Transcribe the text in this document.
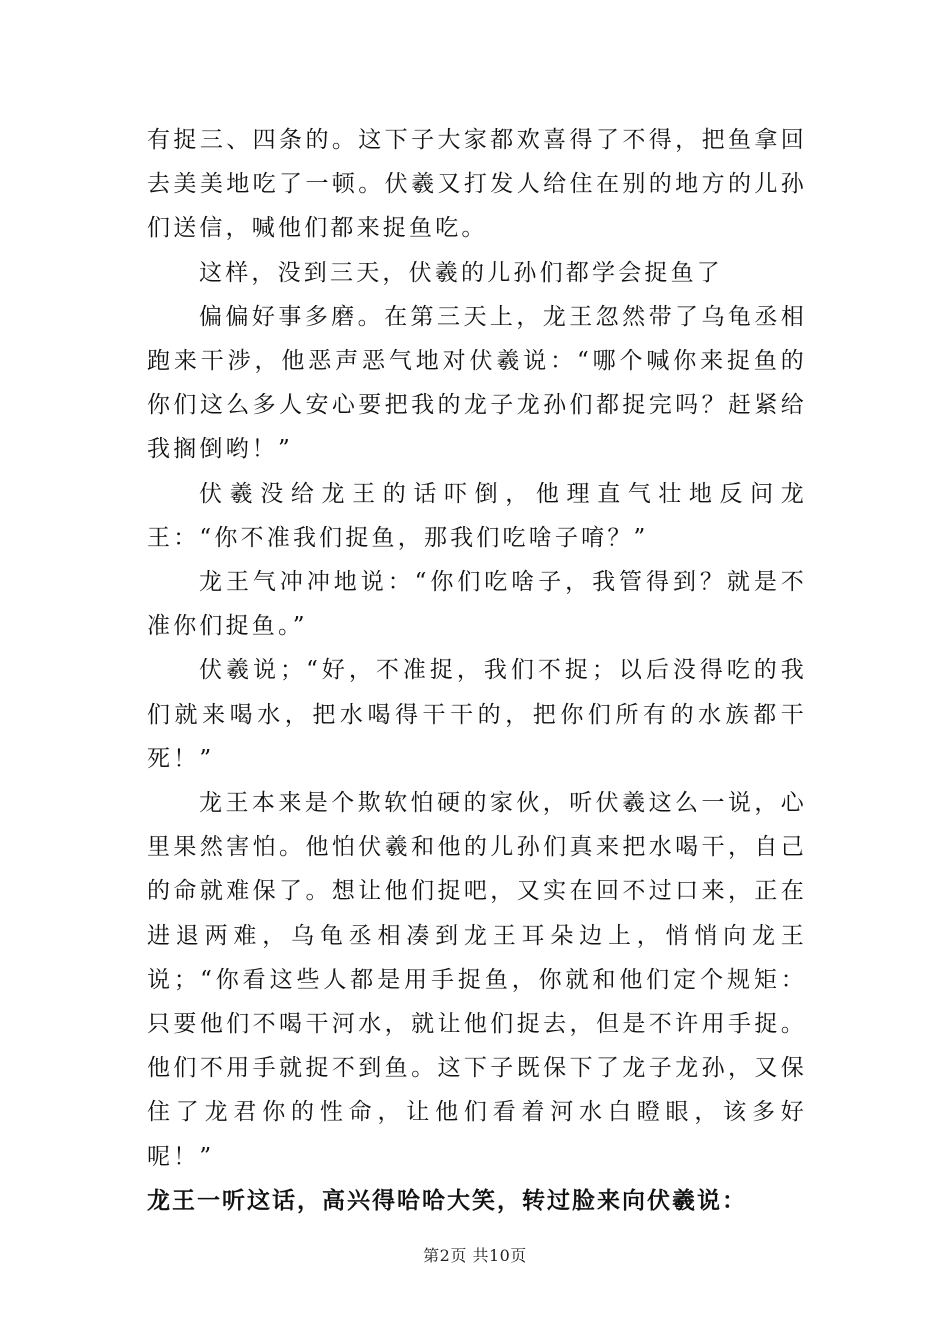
有捉三、四条的。这下子大家都欢喜得了不得，把鱼拿回去美美地吃了一顿。伏羲又打发人给住在别的地方的儿孙们送信，喊他们都来捉鱼吃。

这样，没到三天，伏羲的儿孙们都学会捉鱼了

偏偏好事多磨。在第三天上，龙王忽然带了乌龟丞相跑来干涉，他恶声恶气地对伏羲说：“哪个喊你来捉鱼的你们这么多人安心要把我的龙子龙孙们都捉完吗？赶紧给我搁倒哟！”

伏羲没给龙王的话吓倒，他理直气壮地反问龙王：“你不准我们捉鱼，那我们吃啥子唷？”

龙王气冲冲地说：“你们吃啥子，我管得到？就是不准你们捉鱼。”

伏羲说；“好，不准捉，我们不捉；以后没得吃的我们就来喝水，把水喝得干干的，把你们所有的水族都干死！”

龙王本来是个欺软怕硬的家伙，听伏羲这么一说，心里果然害怕。他怕伏羲和他的儿孙们真来把水喝干，自己的命就难保了。想让他们捉吧，又实在回不过口来，正在进退两难，乌龟丞相凑到龙王耳朵边上，悄悄向龙王说；“你看这些人都是用手捉鱼，你就和他们定个规矩：只要他们不喝干河水，就让他们捉去，但是不许用手捉。他们不用手就捉不到鱼。这下子既保下了龙子龙孙，又保住了龙君你的性命，让他们看着河水白瞪眼，该多好呢！”

龙王一听这话，高兴得哈哈大笑，转过脸来向伏羲说：

第2页 共10页
